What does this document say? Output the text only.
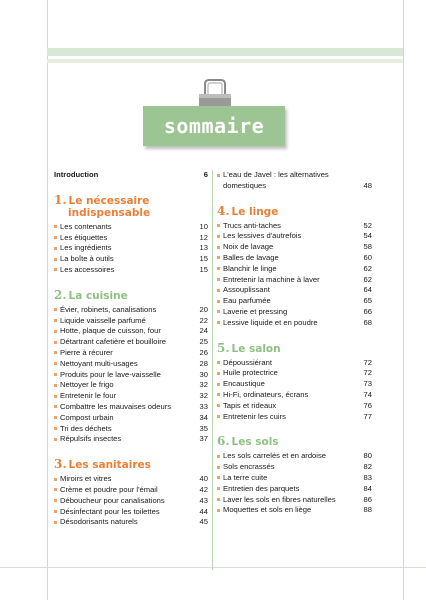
sommaire
Introduction	6
1. Le nécessaire
indispensable
Les contenants	10
Les étiquettes	12
Les ingrédients	13
La boîte à outils	15
Les accessoires	15
2. La cuisine
Évier, robinets, canalisations	20
Liquide vaisselle parfumé	22
Hotte, plaque de cuisson, four	24
Détartrant cafetière et bouilloire	25
Pierre à récurer	26
Nettoyant multi-usages	28
Produits pour le lave-vaisselle	30
Nettoyer le frigo	32
Entretenir le four	32
Combattre les mauvaises odeurs	33
Compost urbain	34
Tri des déchets	35
Répulsifs insectes	37
3. Les sanitaires
Miroirs et vitres	40
Crème et poudre pour l'émail	42
Déboucheur pour canalisations	43
Désinfectant pour les toilettes	44
Désodorisants naturels	45
L'eau de Javel : les alternatives domestiques	48
4. Le linge
Trucs anti-taches	52
Les lessives d'autrefois	54
Noix de lavage	58
Balles de lavage	60
Blanchir le linge	62
Entretenir la machine à laver	62
Assouplissant	64
Eau parfumée	65
Laverie et pressing	66
Lessive liquide et en poudre	68
5. Le salon
Dépoussiérant	72
Huile protectrice	72
Encaustique	73
Hi-Fi, ordinateurs, écrans	74
Tapis et rideaux	76
Entretenir les cuirs	77
6. Les sols
Les sols carrelés et en ardoise	80
Sols encrassés	82
La terre cuite	83
Entretien des parquets	84
Laver les sols en fibres naturelles	86
Moquettes et sols en liège	88
